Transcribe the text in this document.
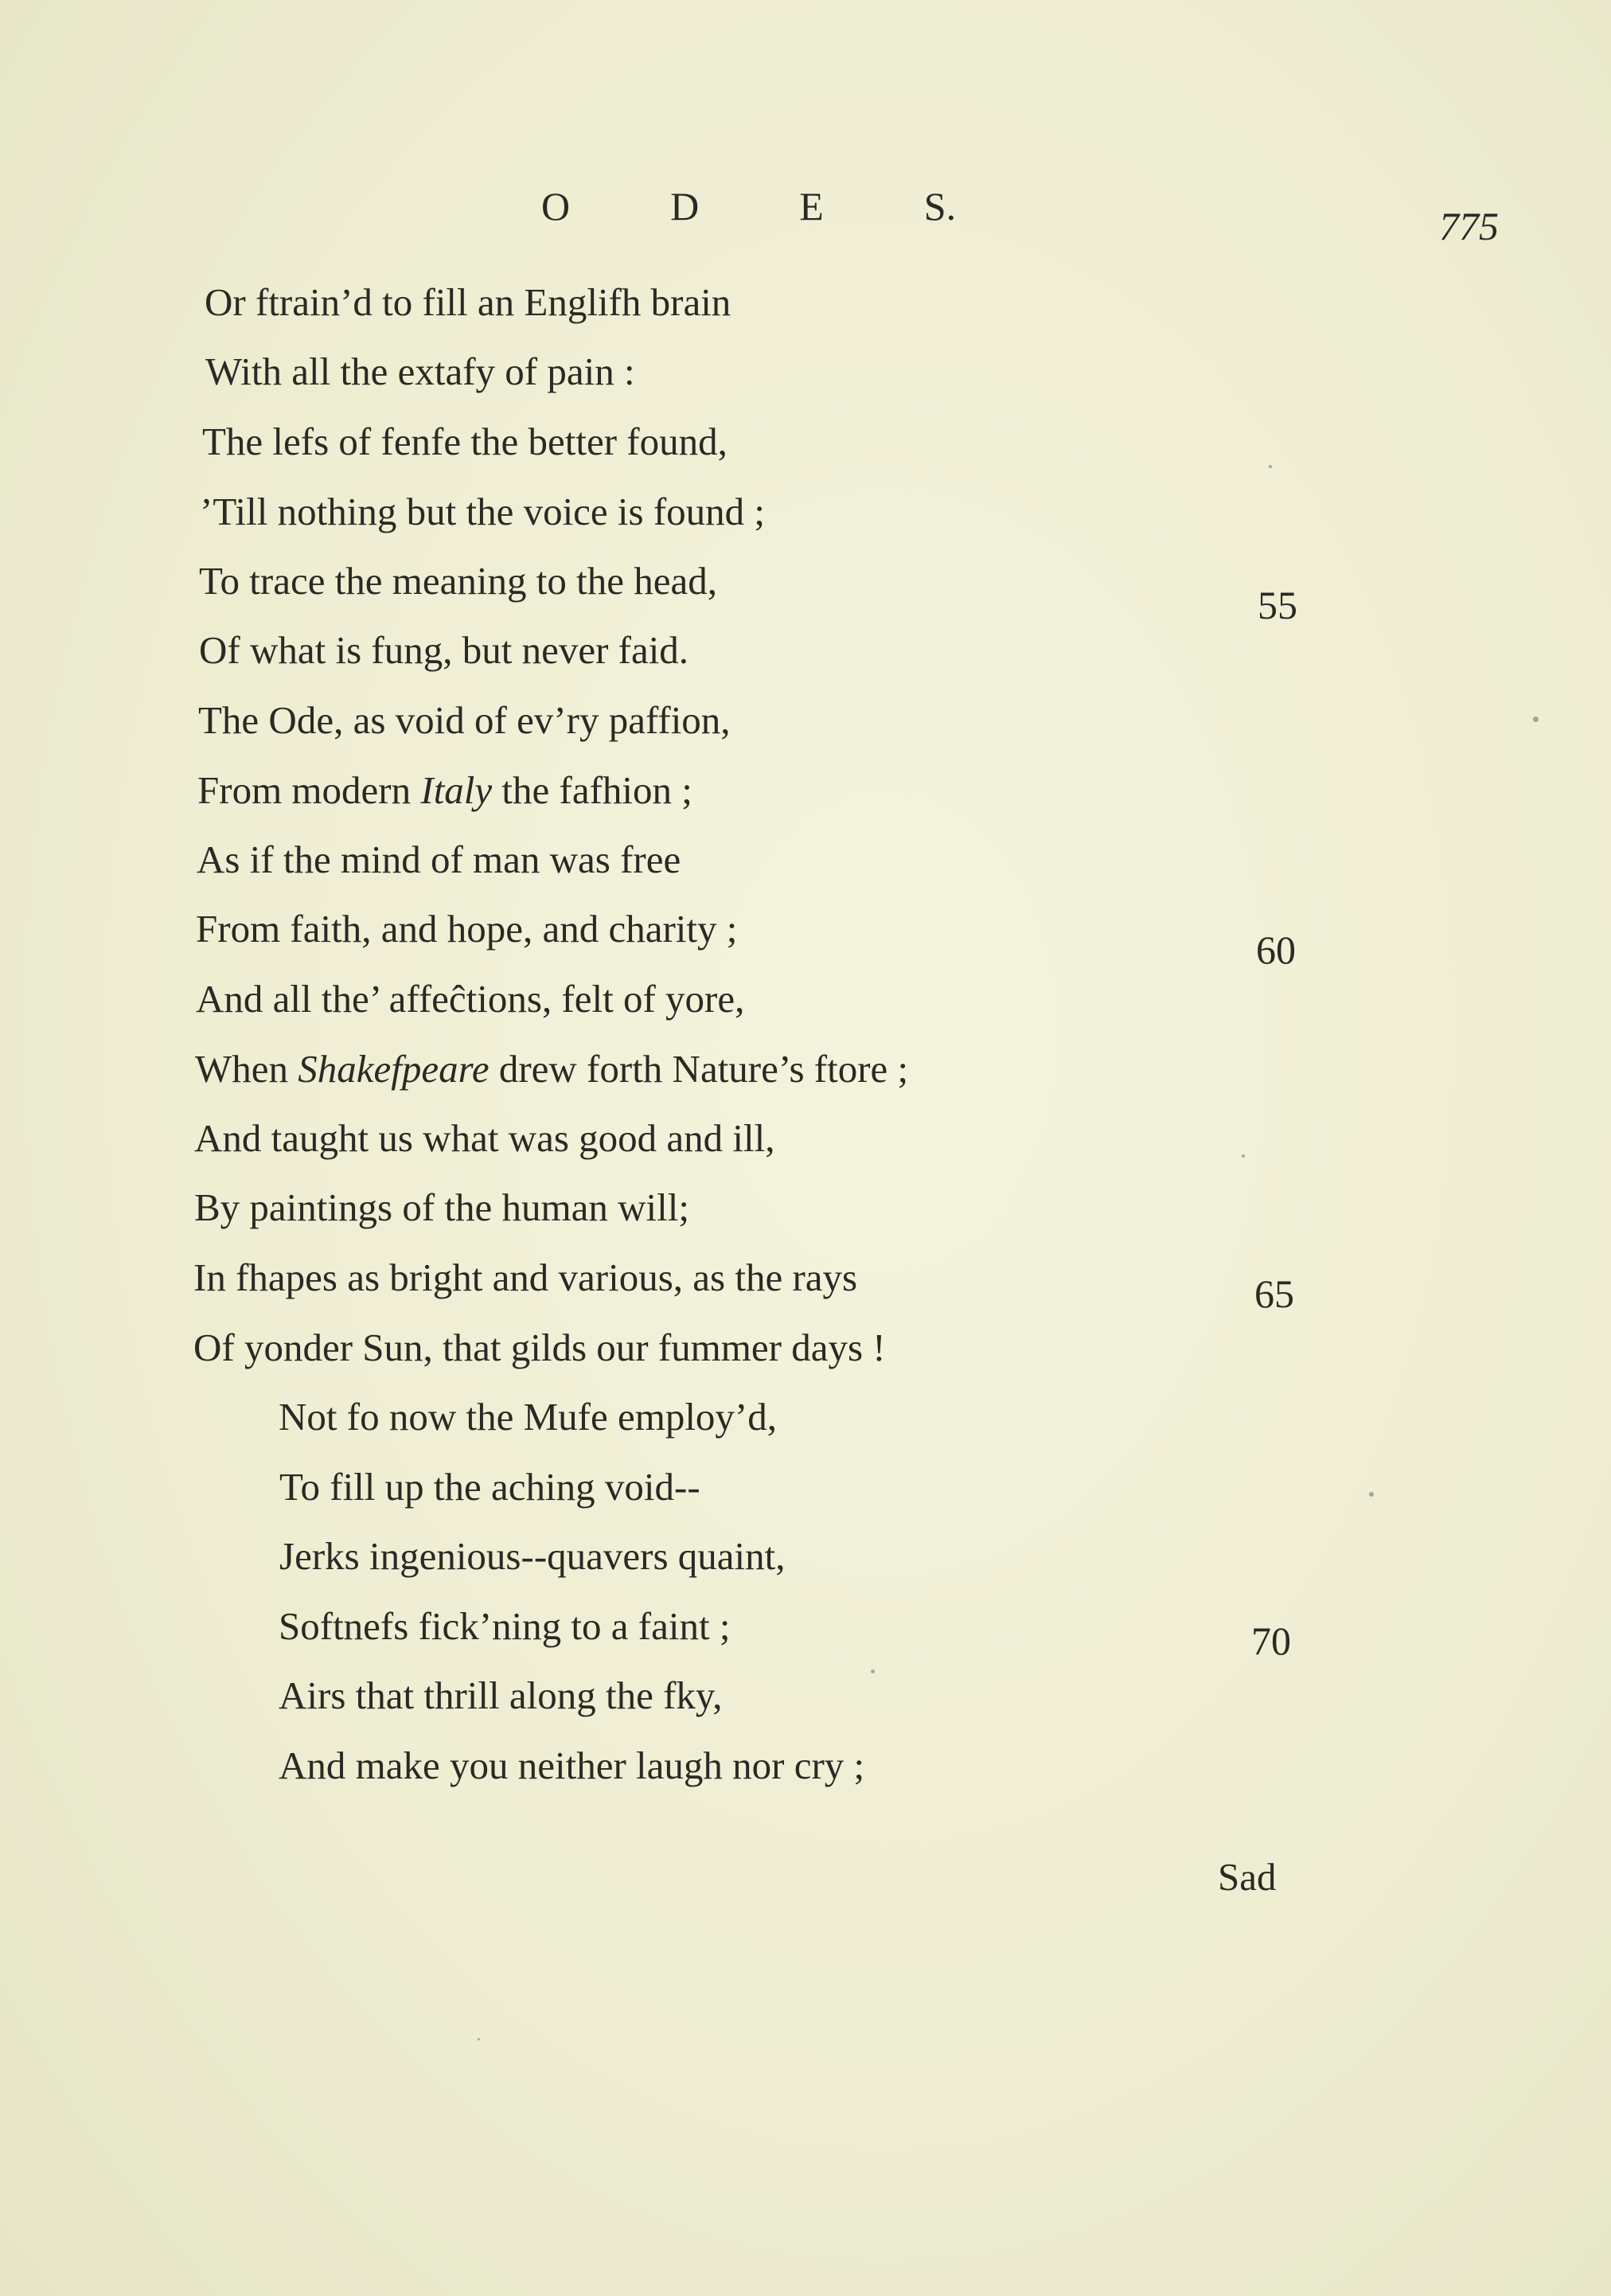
O	D	E	S.	775
Or ftrain’d to fill an Englifh brain
With all the extafy of pain :
The lefs of fenfe the better found,
’Till nothing but the voice is found ;
To trace the meaning to the head,
Of what is fung, but never faid.
The Ode, as void of ev’ry paffion,
From modern Italy the fafhion ;
As if the mind of man was free
From faith, and hope, and charity ;
And all the’ affeĉtions, felt of yore,
When Shakefpeare drew forth Nature’s ftore ;
And taught us what was good and ill,
By paintings of the human will;
In fhapes as bright and various, as the rays
Of yonder Sun, that gilds our fummer days !
Not fo now the Mufe employ’d,
To fill up the aching void--
Jerks ingenious--quavers quaint,
Softnefs fick’ning to a faint ;
Airs that thrill along the fky,
And make you neither laugh nor cry ;
55
60
65
70
Sad
